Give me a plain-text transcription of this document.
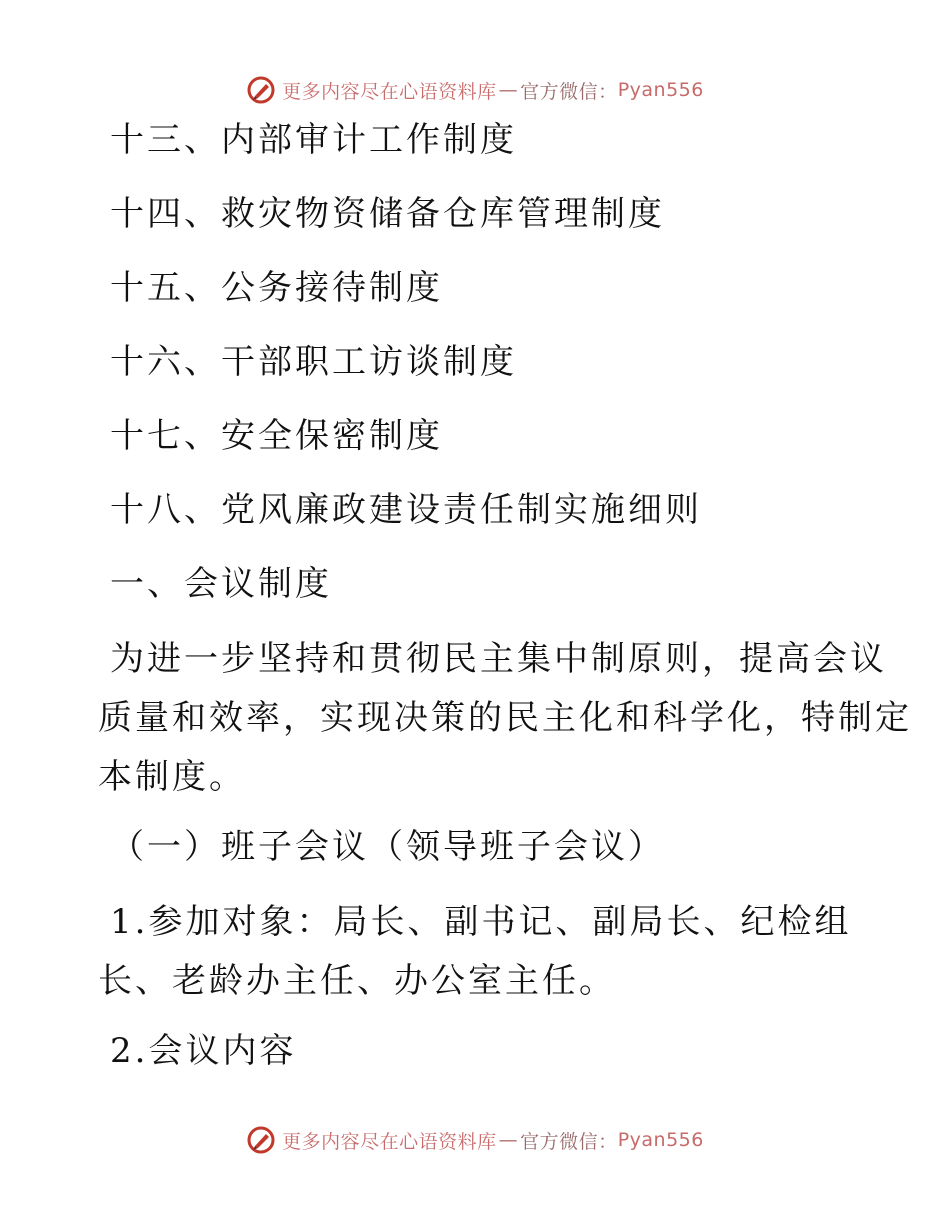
更多内容尽在心语资料库 — 官方微信： Pyan556
十三、内部审计工作制度
十四、救灾物资储备仓库管理制度
十五、公务接待制度
十六、干部职工访谈制度
十七、安全保密制度
十八、党风廉政建设责任制实施细则
一、会议制度
为进一步坚持和贯彻民主集中制原则，提高会议
质量和效率，实现决策的民主化和科学化，特制定
本制度。
（一）班子会议（领导班子会议）
1.参加对象：局长、副书记、副局长、纪检组
长、老龄办主任、办公室主任。
2.会议内容
更多内容尽在心语资料库 — 官方微信： Pyan556
